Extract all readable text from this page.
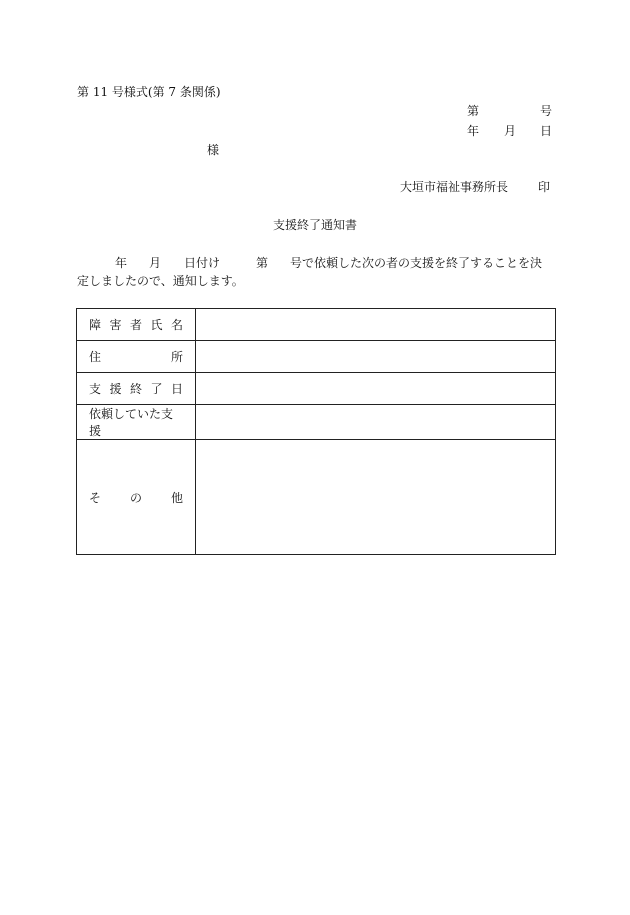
第 11 号様式(第 7 条関係)
第	号
年 月 日
様
大垣市福祉事務所長 印
支援終了通知書
年 月 日付け	第 号で依頼した次の者の支援を終了することを決
定しましたので、通知します。
障 害 者 氏 名	

住 所	

支 援 終 了 日	

依頼していた支援	

そ の 他	
